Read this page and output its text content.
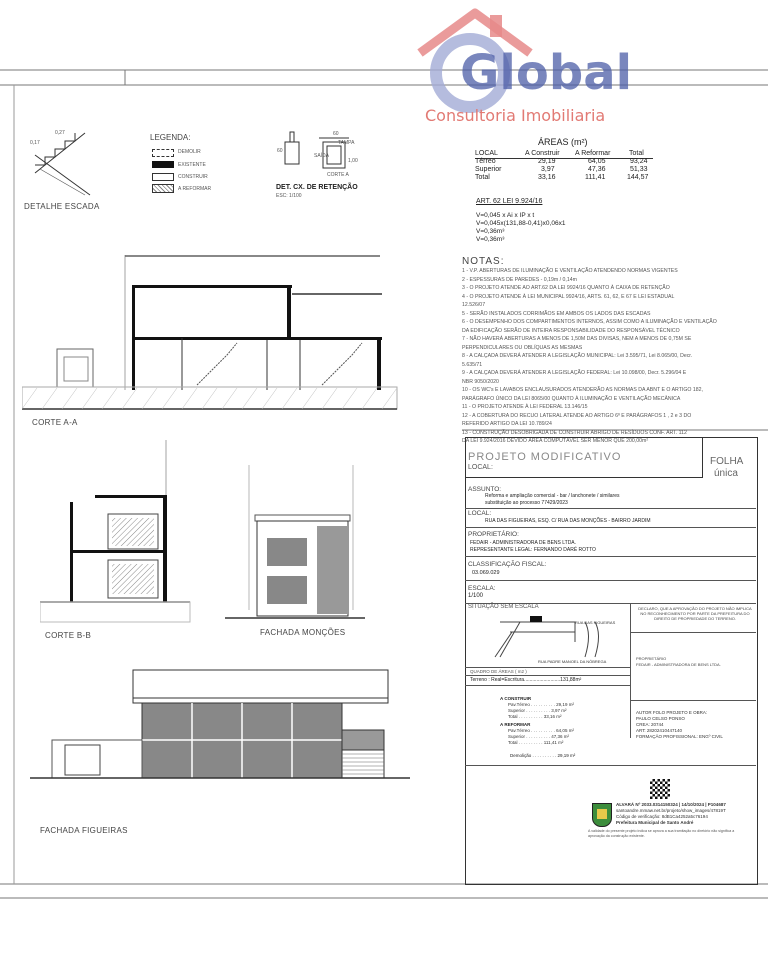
Global
Consultoria Imobiliaria
0,27
0,17
DETALHE ESCADA
LEGENDA:
DEMOLIR
EXISTENTE
CONSTRUIR
A REFORMAR
60
60
TAMPA
SAÍDA
1,00
CORTE A
DET. CX. DE RETENÇÃO
ESC: 1/100
ÁREAS (m²)
LOCAL	A Construir A Reformar	Total
Térreo	29,19	64,05	93,24
Superior	3,97	47,36	51,33
Total	33,16	111,41	144,57
ART. 62 LEI 9.924/16
V=0,045 x Ai x IP x t
V=0,045x(131,88-0,41)x0,06x1
V=0,36m³
V=0,36m³
NOTAS:
1 - V.P. ABERTURAS DE ILUMINAÇÃO E VENTILAÇÃO ATENDENDO NORMAS VIGENTES
2 - ESPESSURAS DE PAREDES - 0,19m / 0,14m
3 - O PROJETO ATENDE AO ART.62 DA LEI 9924/16 QUANTO À CAIXA DE RETENÇÃO
4 - O PROJETO ATENDE À LEI MUNICIPAL 9924/16, ARTS. 61, 62, E 67 E LEI ESTADUAL
12.526/07
5 - SERÃO INSTALADOS CORRIMÃOS EM AMBOS OS LADOS DAS ESCADAS
6 - O DESEMPENHO DOS COMPARTIMENTOS INTERNOS, ASSIM COMO A ILUMINAÇÃO E VENTILAÇÃO
DA EDIFICAÇÃO SERÃO DE INTEIRA RESPONSABILIDADE DO RESPONSÁVEL TÉCNICO
7 - NÃO HAVERÁ ABERTURAS A MENOS DE 1,50M DAS DIVISAS, NEM A MENOS DE 0,75M SE
PERPENDICULARES OU OBLÍQUAS AS MESMAS
8 - A CALÇADA DEVERÁ ATENDER A LEGISLAÇÃO MUNICIPAL: Lei 3.595/71, Lei 8.065/00, Decr.
5.635/71
9 - A CALÇADA DEVERÁ ATENDER A LEGISLAÇÃO FEDERAL: Lei 10.098/00, Decr. 5.296/04 E
NBR 9050/2020
10 - OS WC's E LAVABOS ENCLAUSURADOS ATENDERÃO AS NORMAS DA ABNT E O ARTIGO 182,
PARÁGRAFO ÚNICO DA LEI 8065/00 QUANTO À ILUMINAÇÃO E VENTILAÇÃO MECÂNICA
11 - O PROJETO ATENDE À LEI FEDERAL 13.146/15
12 - A COBERTURA DO RECUO LATERAL ATENDE AO ARTIGO 6º E PARÁGRAFOS 1 , 2 e 3 DO
REFERIDO ARTIGO DA LEI 10.789/24
13 - CONSTRUÇÃO DESOBRIGADA DE CONSTRUIR ABRIGO DE RESÍDUOS CONF. ART. 112
DA LEI 9.924/2016 DEVIDO ÁREA COMPUTÁVEL SER MENOR QUE 200,00m²
CORTE A-A
CORTE B-B	FACHADA MONÇÕES
FACHADA FIGUEIRAS
PROJETO MODIFICATIVO
LOCAL:
FOLHA
única
ASSUNTO:
Reforma e ampliação comercial - bar / lanchonete / similares
substituição ao processo 77429/2023
LOCAL:
RUA DAS FIGUEIRAS, ESQ. C/ RUA DAS MONÇÕES - BAIRRO JARDIM
PROPRIETÁRIO:
FEDAIR - ADMINISTRADORA DE BENS LTDA.
REPRESENTANTE LEGAL: FERNANDO DARÉ ROTTO
CLASSIFICAÇÃO FISCAL:
03.069.029
ESCALA:
1/100
SITUAÇÃO SEM ESCALA
RUA DAS FIGUEIRAS
RUA PADRE MANOEL DA NÓBREGA
DECLARO, QUE A APROVAÇÃO DO PROJETO NÃO IMPLICA NO RECONHECIMENTO POR PARTE DA PREFEITURA DO DIREITO DE PROPRIEDADE DO TERRENO.
PROPRIETÁRIO
FEDAIR - ADMINISTRADORA DE BENS LTDA.
AUTOR FOLO PROJETO E OBRA:
PAULO CELSO PONSO
CREA: 20744
ART: 28202410447140
FORMAÇÃO PROFISSIONAL: ENGº CIVIL
QUADRO DE ÁREAS ( m2 )
Terreno : Real=Escritura..........................131,88m²
A CONSTRUIR
Pav.Térreo . . . . . . . . . . 29,19 m²
Superior . . . . . . . . . . 3,97 m²
Total . . . . . . . . . . 33,16 m²
A REFORMAR
Pav.Térreo . . . . . . . . . . 64,05 m²
Superior . . . . . . . . . . 47,36 m²
Total . . . . . . . . . . 111,41 m²
Demolição . . . . . . . . . . 29,19 m²
ALVARÁ Nº 2033.0314150324 | 14/10/2024 | P104687
santoandre.mmaw.net.br/projeto/show_images/47819T
Código de verificação: 8dB1Ca4252a5c76194
Prefeitura Municipal de Santo André
A validade do presente projeto indica se aprova a sua tramitação no diretório não significa a aprovação da construção existente.
